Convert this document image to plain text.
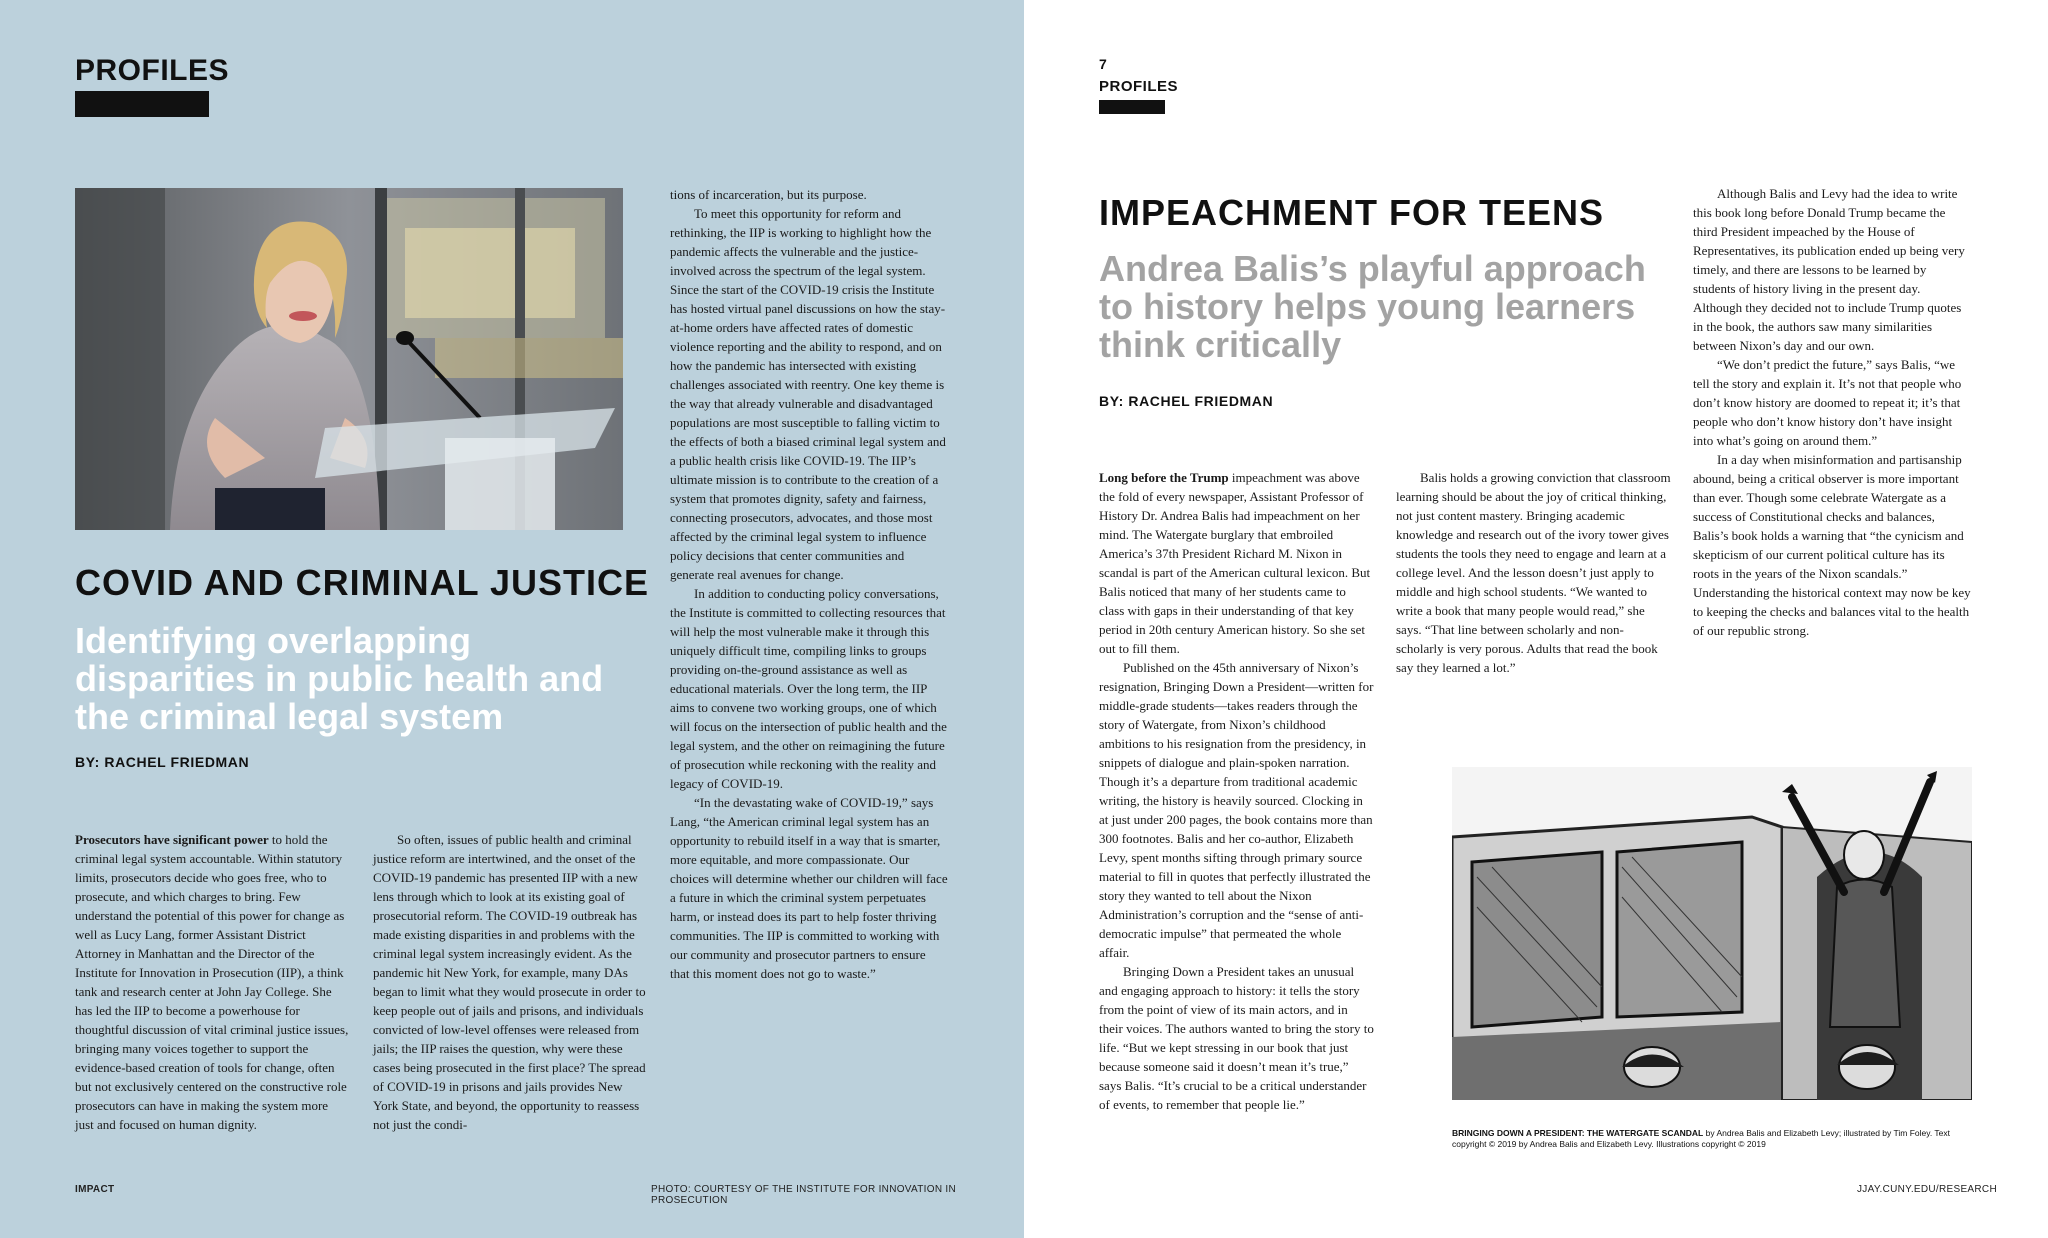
PROFILES
COVID AND CRIMINAL JUSTICE
Identifying overlapping disparities in public health and the criminal legal system
BY: RACHEL FRIEDMAN

Prosecutors have significant power to hold the criminal legal system accountable. Within statutory limits, prosecutors decide who goes free, who to prosecute, and which charges to bring. Few understand the potential of this power for change as well as Lucy Lang, former Assistant District Attorney in Manhattan and the Director of the Institute for Innovation in Prosecution (IIP), a think tank and research center at John Jay College. She has led the IIP to become a powerhouse for thoughtful discussion of vital criminal justice issues, bringing many voices together to support the evidence-based creation of tools for change, often but not exclusively centered on the constructive role prosecutors can have in making the system more just and focused on human dignity.

So often, issues of public health and criminal justice reform are intertwined, and the onset of the COVID-19 pandemic has presented IIP with a new lens through which to look at its existing goal of prosecutorial reform. The COVID-19 outbreak has made existing disparities in and problems with the criminal legal system increasingly evident. As the pandemic hit New York, for example, many DAs began to limit what they would prosecute in order to keep people out of jails and prisons, and individuals convicted of low-level offenses were released from jails; the IIP raises the question, why were these cases being prosecuted in the first place? The spread of COVID-19 in prisons and jails provides New York State, and beyond, the opportunity to reassess not just the condi-

tions of incarceration, but its purpose.

To meet this opportunity for reform and rethinking, the IIP is working to highlight how the pandemic affects the vulnerable and the justice-involved across the spectrum of the legal system. Since the start of the COVID-19 crisis the Institute has hosted virtual panel discussions on how the stay-at-home orders have affected rates of domestic violence reporting and the ability to respond, and on how the pandemic has intersected with existing challenges associated with reentry. One key theme is the way that already vulnerable and disadvantaged populations are most susceptible to falling victim to the effects of both a biased criminal legal system and a public health crisis like COVID-19. The IIP’s ultimate mission is to contribute to the creation of a system that promotes dignity, safety and fairness, connecting prosecutors, advocates, and those most affected by the criminal legal system to influence policy decisions that center communities and generate real avenues for change.

In addition to conducting policy conversations, the Institute is committed to collecting resources that will help the most vulnerable make it through this uniquely difficult time, compiling links to groups providing on-the-ground assistance as well as educational materials. Over the long term, the IIP aims to convene two working groups, one of which will focus on the intersection of public health and the legal system, and the other on reimagining the future of prosecution while reckoning with the reality and legacy of COVID-19.

“In the devastating wake of COVID-19,” says Lang, “the American criminal legal system has an opportunity to rebuild itself in a way that is smarter, more equitable, and more compassionate. Our choices will determine whether our children will face a future in which the criminal system perpetuates harm, or instead does its part to help foster thriving communities. The IIP is committed to working with our community and prosecutor partners to ensure that this moment does not go to waste.”

IMPACT	PHOTO: COURTESY OF THE INSTITUTE FOR INNOVATION IN PROSECUTION
7
PROFILES
IMPEACHMENT FOR TEENS
Andrea Balis’s playful approach to history helps young learners think critically
BY: RACHEL FRIEDMAN

Long before the Trump impeachment was above the fold of every newspaper, Assistant Professor of History Dr. Andrea Balis had impeachment on her mind. The Watergate burglary that embroiled America’s 37th President Richard M. Nixon in scandal is part of the American cultural lexicon. But Balis noticed that many of her students came to class with gaps in their understanding of that key period in 20th century American history. So she set out to fill them.

Published on the 45th anniversary of Nixon’s resignation, Bringing Down a President—written for middle-grade students—takes readers through the story of Watergate, from Nixon’s childhood ambitions to his resignation from the presidency, in snippets of dialogue and plain-spoken narration. Though it’s a departure from traditional academic writing, the history is heavily sourced. Clocking in at just under 200 pages, the book contains more than 300 footnotes. Balis and her co-author, Elizabeth Levy, spent months sifting through primary source material to fill in quotes that perfectly illustrated the story they wanted to tell about the Nixon Administration’s corruption and the “sense of anti-democratic impulse” that permeated the whole affair.

Bringing Down a President takes an unusual and engaging approach to history: it tells the story from the point of view of its main actors, and in their voices. The authors wanted to bring the story to life. “But we kept stressing in our book that just because someone said it doesn’t mean it’s true,” says Balis. “It’s crucial to be a critical understander of events, to remember that people lie.”

Balis holds a growing conviction that classroom learning should be about the joy of critical thinking, not just content mastery. Bringing academic knowledge and research out of the ivory tower gives students the tools they need to engage and learn at a college level. And the lesson doesn’t just apply to middle and high school students. “We wanted to write a book that many people would read,” she says. “That line between scholarly and non-scholarly is very porous. Adults that read the book say they learned a lot.”

Although Balis and Levy had the idea to write this book long before Donald Trump became the third President impeached by the House of Representatives, its publication ended up being very timely, and there are lessons to be learned by students of history living in the present day. Although they decided not to include Trump quotes in the book, the authors saw many similarities between Nixon’s day and our own.

“We don’t predict the future,” says Balis, “we tell the story and explain it. It’s not that people who don’t know history are doomed to repeat it; it’s that people who don’t know history don’t have insight into what’s going on around them.”

In a day when misinformation and partisanship abound, being a critical observer is more important than ever. Though some celebrate Watergate as a success of Constitutional checks and balances, Balis’s book holds a warning that “the cynicism and skepticism of our current political culture has its roots in the years of the Nixon scandals.” Understanding the historical context may now be key to keeping the checks and balances vital to the health of our republic strong.

BRINGING DOWN A PRESIDENT: THE WATERGATE SCANDAL by Andrea Balis and Elizabeth Levy; illustrated by Tim Foley. Text copyright © 2019 by Andrea Balis and Elizabeth Levy. Illustrations copyright © 2019
JJAY.CUNY.EDU/RESEARCH
